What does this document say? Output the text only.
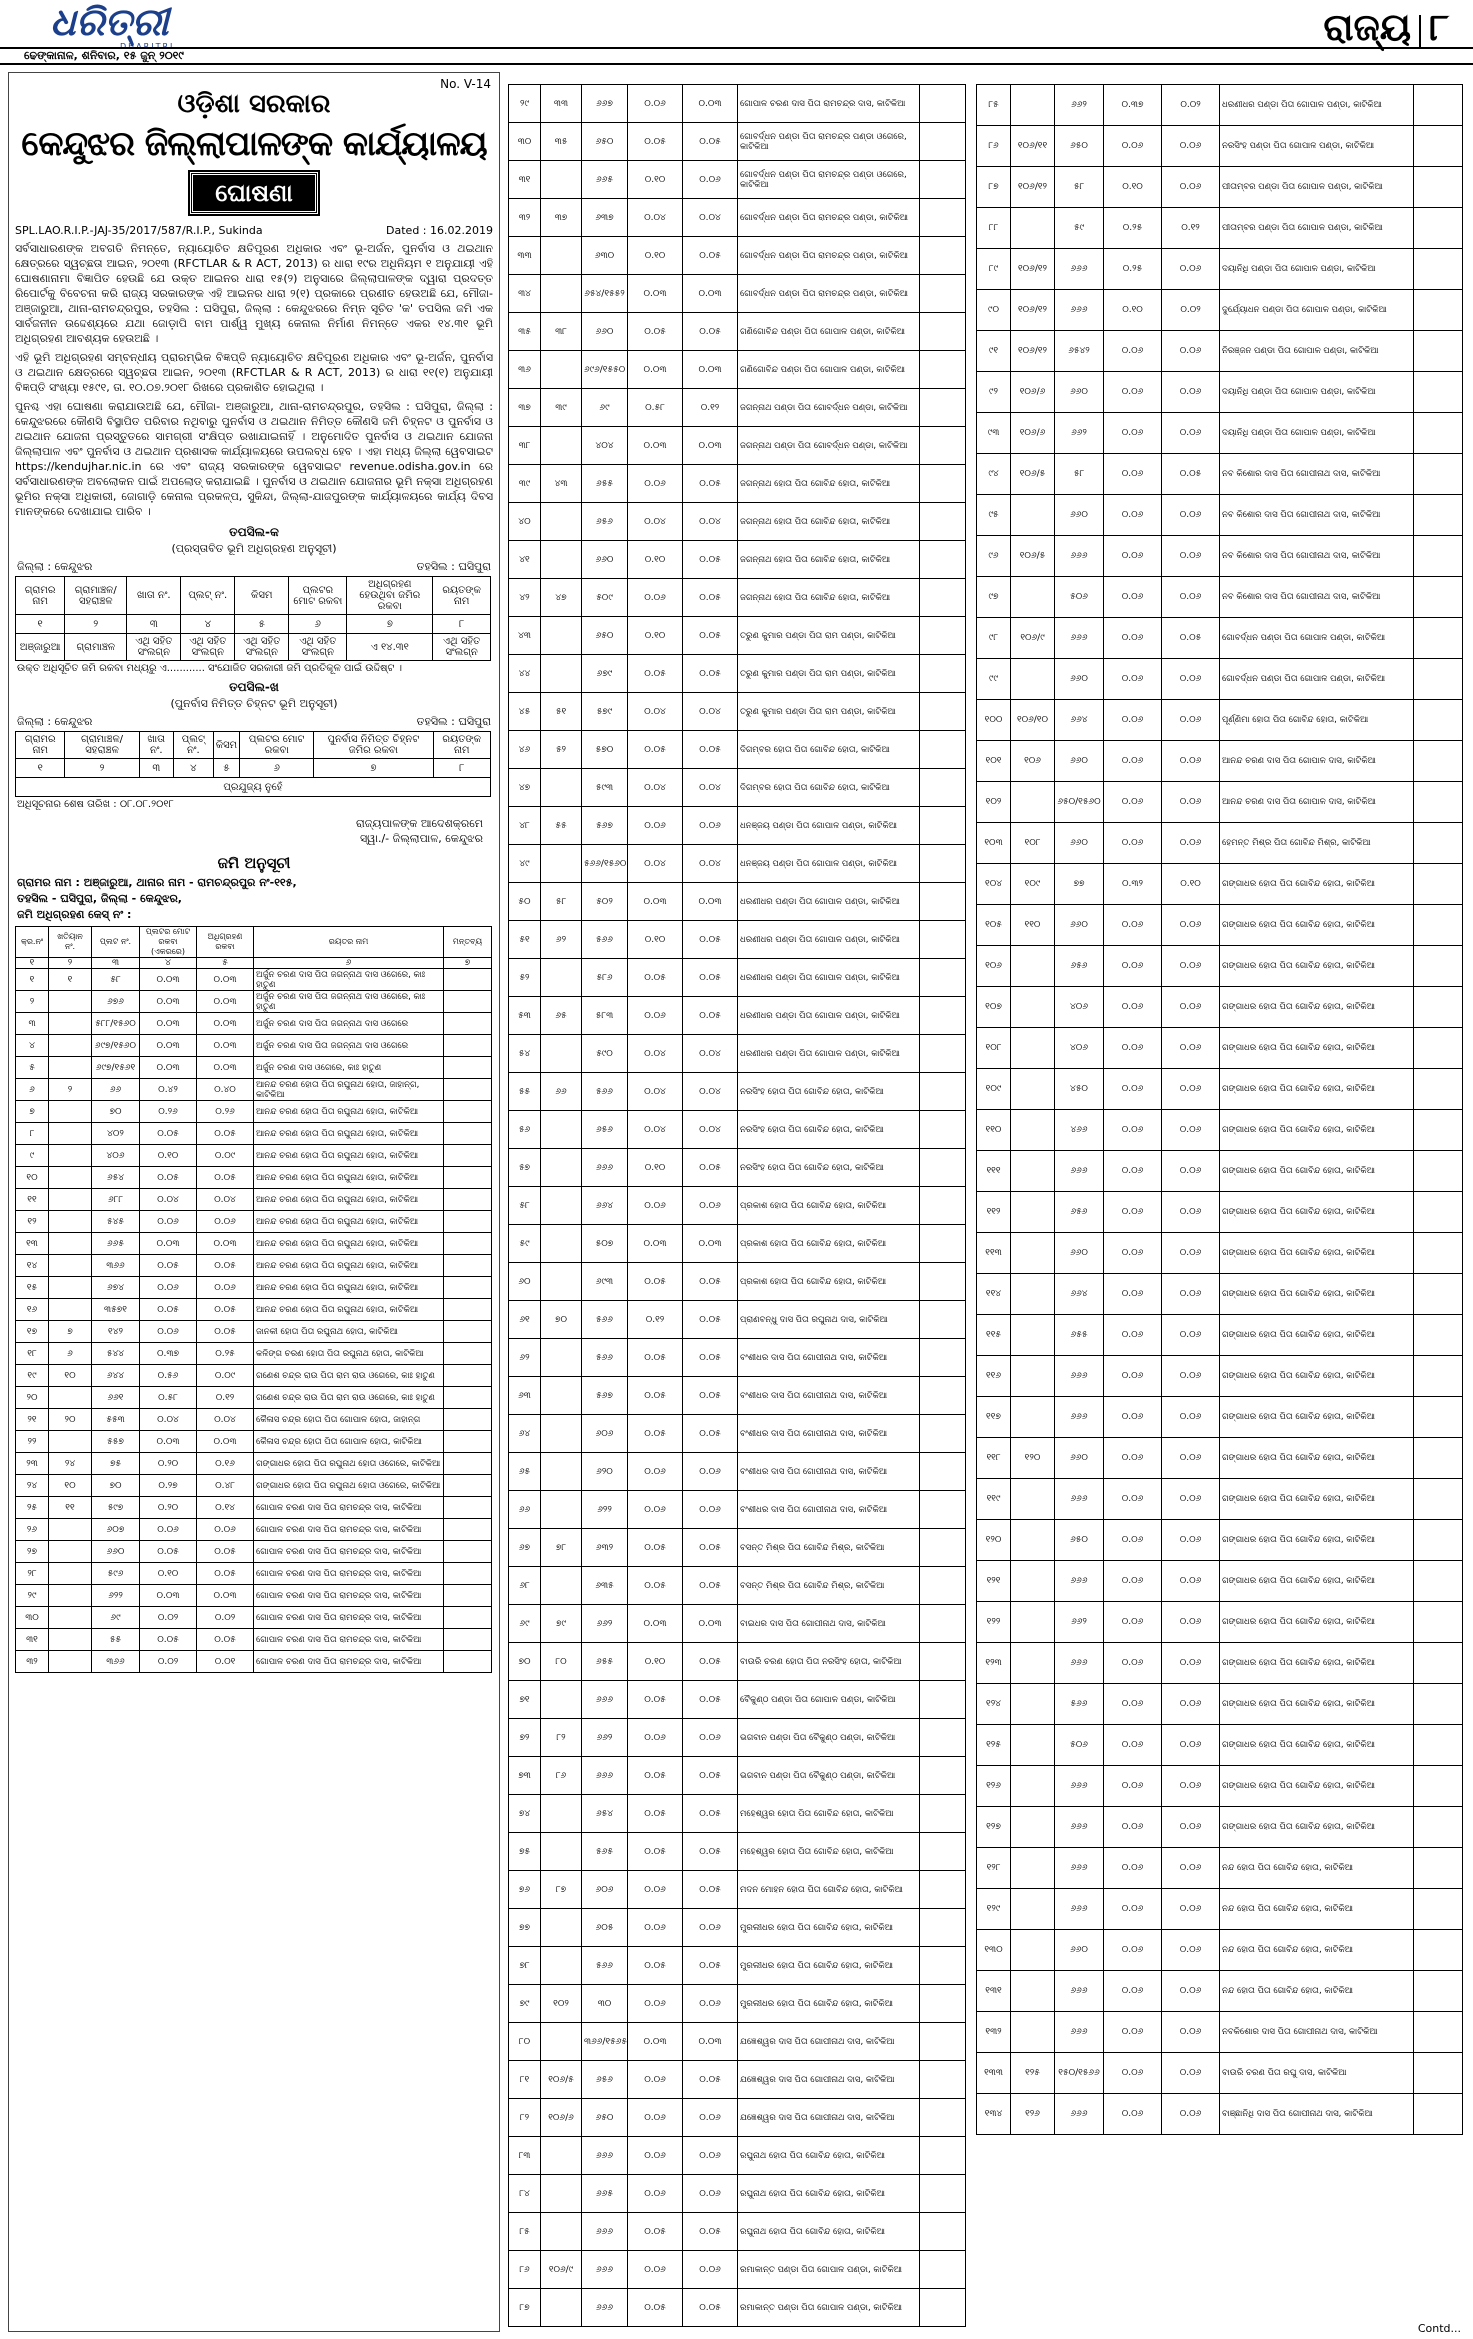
ଧରିତ୍ରୀ
DHARITRI	ରାଜ୍ୟ ୮
ଢେଙ୍କାନାଳ, ଶନିବାର, ୧୫ ଜୁନ୍ ୨୦୧୯
No. V-14
ଓଡ଼ିଶା ସରକାର
କେନ୍ଦୁଝର ଜିଲ୍ଲାପାଳଙ୍କ କାର୍ଯ୍ୟାଳୟ
ଘୋଷଣା
SPL.LAO.R.I.P.-JAJ-35/2017/587/R.I.P., Sukinda	Dated : 16.02.2019
ସର୍ବସାଧାରଣଙ୍କ ଅବଗତି ନିମନ୍ତେ, ନ୍ୟାୟୋଚିତ କ୍ଷତିପୂରଣ ଅଧିକାର ଏବଂ ଭୂ-ଅର୍ଜନ, ପୁନର୍ବାସ ଓ ଥଇଥାନ କ୍ଷେତ୍ରରେ ସ୍ୱଚ୍ଛତା ଆଇନ, ୨୦୧୩ (RFCTLAR & R ACT, 2013) ର ଧାରା ୧୯ର ଅଧିନିୟମ ୧ ଅନୁଯାୟୀ ଏହି ଘୋଷଣାନାମା ବିଜ୍ଞାପିତ ହେଉଛି ଯେ ଉକ୍ତ ଆଇନର ଧାରା ୧୫(୨) ଅନୁସାରେ ଜିଲ୍ଲାପାଳଙ୍କ ଦ୍ୱାରା ପ୍ରଦତ୍ତ ରିପୋର୍ଟକୁ ବିବେଚନା କରି ରାଜ୍ୟ ସରକାରଙ୍କ ଏହି ଆଇନର ଧାରା ୨(୧) ପ୍ରକାରେ ପ୍ରଣୀତ ହେଉଅଛି ଯେ, ମୌଜା- ଅଞ୍ଜାରୁଆ, ଥାନା-ରାମଚନ୍ଦ୍ରପୁର, ତହସିଲ : ଘସିପୁରା, ଜିଲ୍ଲା : କେନ୍ଦୁଝରରେ ନିମ୍ନ ସୂଚିତ 'କ' ତପସିଲ ଜମି ଏକ ସାର୍ବଜନୀନ ଉଦ୍ଦେଶ୍ୟରେ ଯଥା ଜୋଡ଼ାପି ବାମ ପାର୍ଶ୍ୱ ମୁଖ୍ୟ କେନାଲ ନିର୍ମାଣ ନିମନ୍ତେ ଏକର ୧୪.୩୧ ଭୂମି ଅଧିଗ୍ରହଣ ଆବଶ୍ୟକ ହେଉଅଛି ।
ଏହି ଭୂମି ଅଧିଗ୍ରହଣ ସମ୍ବନ୍ଧୀୟ ପ୍ରାରମ୍ଭିକ ବିଜ୍ଞପ୍ତି ନ୍ୟାୟୋଚିତ କ୍ଷତିପୂରଣ ଅଧିକାର ଏବଂ ଭୂ-ଅର୍ଜନ, ପୁନର୍ବାସ ଓ ଥଇଥାନ କ୍ଷେତ୍ରରେ ସ୍ୱଚ୍ଛତା ଆଇନ, ୨୦୧୩ (RFCTLAR & R ACT, 2013) ର ଧାରା ୧୧(୧) ଅନୁଯାୟୀ ବିଜ୍ଞପ୍ତି ସଂଖ୍ୟା ୧୫୯୧, ତା. ୧୦.୦୭.୨୦୧୮ ରିଖରେ ପ୍ରକାଶିତ ହୋଇଥିଲା ।
ପୁନଶ୍ଚ ଏହା ଘୋଷଣା କରାଯାଉଅଛି ଯେ, ମୌଜା- ଅଞ୍ଜାରୁଆ, ଥାନା-ରାମଚନ୍ଦ୍ରପୁର, ତହସିଲ : ଘସିପୁରା, ଜିଲ୍ଲା : କେନ୍ଦୁଝରରେ କୌଣସି ବିସ୍ଥାପିତ ପରିବାର ନଥିବାରୁ ପୁନର୍ବାସ ଓ ଥଇଥାନ ନିମିତ୍ତ କୌଣସି ଜମି ଚିହ୍ନଟ ଓ ପୁନର୍ବାସ ଓ ଥଇଥାନ ଯୋଜନା ପ୍ରସ୍ତୁତରେ ସାମଗ୍ରୀ ସଂକ୍ଷିପ୍ତ ରଖାଯାଇନାହିଁ । ଅନୁମୋଦିତ ପୁନର୍ବାସ ଓ ଥଇଥାନ ଯୋଜନା ଜିଲ୍ଲାପାଳ ଏବଂ ପୁନର୍ବାସ ଓ ଥଇଥାନ ପ୍ରଶାସକ କାର୍ଯ୍ୟାଳୟରେ ଉପଲବ୍ଧ ହେବ । ଏହା ମଧ୍ୟ ଜିଲ୍ଲା ୱେବସାଇଟ https://kendujhar.nic.in ରେ ଏବଂ ରାଜ୍ୟ ସରକାରଙ୍କ ୱେବସାଇଟ revenue.odisha.gov.in ରେ ସର୍ବସାଧାରଣଙ୍କ ଅବଲୋକନ ପାଇଁ ଅପଲୋଡ୍ କରାଯାଇଛି । ପୁନର୍ବାସ ଓ ଥଇଥାନ ଯୋଜନାର ଭୂମି ନକ୍ସା ଅଧିଗ୍ରହଣ ଭୂମିର ନକ୍ସା ଅଧିକାରୀ, ଜୋଗାଡ଼ି କେନାଲ ପ୍ରକଳ୍ପ, ସୁକିନ୍ଦା, ଜିଲ୍ଲା-ଯାଜପୁରଙ୍କ କାର୍ଯ୍ୟାଳୟରେ କାର୍ଯ୍ୟ ଦିବସ ମାନଙ୍କରେ ଦେଖାଯାଇ ପାରିବ ।
ତପସିଲ-କ
(ପ୍ରସ୍ତାବିତ ଭୂମି ଅଧିଗ୍ରହଣ ଅନୁସୂଚୀ)
ଜିଲ୍ଲା : କେନ୍ଦୁଝର	ତହସିଲ : ଘସିପୁରା
ଗ୍ରାମର ନାମ	ଗ୍ରାମାଞ୍ଚଳ/ ସହରାଞ୍ଚଳ	ଖାତା ନଂ.	ପ୍ଲଟ୍ ନଂ.	କିସମ	ପ୍ଲଟର ମୋଟ ରକବା	ଅଧିଗ୍ରହଣ ହେଉଥିବା ଜମିର ରକବା	ରୟତଙ୍କ ନାମ
୧	୨	୩	୪	୫	୬	୭	୮
ଅଞ୍ଜାରୁଆ	ଗ୍ରାମାଞ୍ଚଳ	ଏଥି ସହିତ ସଂଲଗ୍ନ	ଏଥି ସହିତ ସଂଲଗ୍ନ	ଏଥି ସହିତ ସଂଲଗ୍ନ	ଏଥି ସହିତ ସଂଲଗ୍ନ	ଏ ୧୪.୩୧	ଏଥି ସହିତ ସଂଲଗ୍ନ
ଉକ୍ତ ଅଧିସୂଚିତ ଜମି ରକବା ମଧ୍ୟରୁ ଏ............ ସଂଯୋଜିତ ସରକାରୀ ଜମି ପ୍ରତିକୂଳ ପାଇଁ ଉଦ୍ଦିଷ୍ଟ ।
ତପସିଲ-ଖ
(ପୁନର୍ବାସ ନିମିତ୍ତ ଚିହ୍ନଟ ଭୂମି ଅନୁସୂଚୀ)
ଜିଲ୍ଲା : କେନ୍ଦୁଝର	ତହସିଲ : ଘସିପୁରା
ଗ୍ରାମର ନାମ	ଗ୍ରାମାଞ୍ଚଳ/ ସହରାଞ୍ଚଳ	ଖାତା ନଂ.	ପ୍ଲଟ୍ ନଂ.	କିସମ	ପ୍ଲଟର ମୋଟ ରକବା	ପୁନର୍ବାସ ନିମିତ୍ତ ଚିହ୍ନଟ ଜମିର ରକବା	ରୟତଙ୍କ ନାମ
୧	୨	୩	୪	୫	୬	୭	୮
ପ୍ରଯୁଜ୍ୟ ନୁହେଁ							
ଅଧିସୂଚନାର ଶେଷ ତାରିଖ : ୦୮.୦୮.୨୦୧୮
ରାଜ୍ୟପାଳଙ୍କ ଆଦେଶକ୍ରମେ
ସ୍ୱା./- ଜିଲ୍ଲାପାଳ, କେନ୍ଦୁଝର
ଜମି ଅନୁସୂଚୀ
ଗ୍ରାମର ନାମ : ଅଞ୍ଜାରୁଆ, ଥାନାର ନାମ - ରାମଚନ୍ଦ୍ରପୁର ନଂ-୧୧୫,
ତହସିଲ - ଘସିପୁରା, ଜିଲ୍ଲା - କେନ୍ଦୁଝର,
ଜମି ଅଧିଗ୍ରହଣ କେସ୍ ନଂ :
କ୍ର.ନଂ	ଖତିୟାନ ନଂ.	ପ୍ଲଟ ନଂ.	ପ୍ଲଟର ମୋଟ ରକବା (ଏକରରେ)	ଅଧିଗ୍ରହଣ ରକବା	ରୟତର ନାମ	ମନ୍ତବ୍ୟ
୧	୨	୩	୪	୫	୬	୭
୧	୧	୫୮	୦.୦୩	୦.୦୩	ଅର୍ଜୁନ ଚରଣ ଦାସ ପିତା ଜଗନ୍ନାଥ ଦାସ ଓଗେରେ, କାଃ ହାତୁଣ	
୨		୬୭୬	୦.୦୩	୦.୦୩	ଅର୍ଜୁନ ଚରଣ ଦାସ ପିତା ଜଗନ୍ନାଥ ଦାସ ଓଗେରେ, କାଃ ହାତୁଣ	
୩		୫୮୮/୧୫୬୦	୦.୦୩	୦.୦୩	ଅର୍ଜୁନ ଚରଣ ଦାସ ପିତା ଜଗନ୍ନାଥ ଦାସ ଓଗେରେ	
୪		୬୯୭/୧୫୬୦	୦.୦୩	୦.୦୩	ଅର୍ଜୁନ ଚରଣ ଦାସ ପିତା ଜଗନ୍ନାଥ ଦାସ ଓଗେରେ	
୫		୬୯୭/୧୫୬୧	୦.୦୩	୦.୦୩	ଅର୍ଜୁନ ଚରଣ ଦାସ ଓଗେରେ, କାଃ ହାତୁଣ	
୬	୨	୬୬	୦.୪୨	୦.୪୦	ଆନନ୍ଦ ଚରଣ ହୋତା ପିତା ରଘୁନାଥ ହୋତା, ଜାହାନ୍ଗ, କାଟିକିଆ	
୭		୭୦	୦.୨୬	୦.୨୬	ଆନନ୍ଦ ଚରଣ ହୋତା ପିତା ରଘୁନାଥ ହୋତା, କାଟିକିଆ	
୮		୪୦୨	୦.୦୫	୦.୦୫	ଆନନ୍ଦ ଚରଣ ହୋତା ପିତା ରଘୁନାଥ ହୋତା, କାଟିକିଆ	
୯		୪୦୬	୦.୧୦	୦.୦୯	ଆନନ୍ଦ ଚରଣ ହୋତା ପିତା ରଘୁନାଥ ହୋତା, କାଟିକିଆ	
୧୦		୬୫୪	୦.୦୫	୦.୦୫	ଆନନ୍ଦ ଚରଣ ହୋତା ପିତା ରଘୁନାଥ ହୋତା, କାଟିକିଆ	
୧୧		୬୮୮	୦.୦୪	୦.୦୪	ଆନନ୍ଦ ଚରଣ ହୋତା ପିତା ରଘୁନାଥ ହୋତା, କାଟିକିଆ	
୧୨		୫୪୫	୦.୦୬	୦.୦୬	ଆନନ୍ଦ ଚରଣ ହୋତା ପିତା ରଘୁନାଥ ହୋତା, କାଟିକିଆ	
୧୩		୬୬୫	୦.୦୩	୦.୦୩	ଆନନ୍ଦ ଚରଣ ହୋତା ପିତା ରଘୁନାଥ ହୋତା, କାଟିକିଆ	
୧୪		୩୬୬	୦.୦୫	୦.୦୫	ଆନନ୍ଦ ଚରଣ ହୋତା ପିତା ରଘୁନାଥ ହୋତା, କାଟିକିଆ	
୧୫		୬୭୪	୦.୦୬	୦.୦୬	ଆନନ୍ଦ ଚରଣ ହୋତା ପିତା ରଘୁନାଥ ହୋତା, କାଟିକିଆ	
୧୬		୩୫୭୧	୦.୦୫	୦.୦୫	ଆନନ୍ଦ ଚରଣ ହୋତା ପିତା ରଘୁନାଥ ହୋତା, କାଟିକିଆ	
୧୭	୭	୧୪୨	୦.୦୬	୦.୦୫	ଜାନକୀ ହୋତା ପିତା ରଘୁନାଥ ହୋତା, କାଟିକିଆ	
୧୮	୬	୫୪୪	୦.୩୭	୦.୨୫	କଳିଙ୍ଗ ଚରଣ ହୋତା ପିତା ରଘୁନାଥ ହୋତା, କାଟିକିଆ	
୧୯	୧୦	୬୪୪	୦.୫୬	୦.୦୯	ଗଣେଶ ଚନ୍ଦ୍ର ରାଉ ପିତା ରାମ ରାଉ ଓଗେରେ, କାଃ ହାତୁଣ	
୨୦		୬୬୧	୦.୫୮	୦.୧୨	ଗଣେଶ ଚନ୍ଦ୍ର ରାଉ ପିତା ରାମ ରାଉ ଓଗେରେ, କାଃ ହାତୁଣ	
୨୧	୨୦	୫୫୩	୦.୦୪	୦.୦୪	କୈଳାସ ଚନ୍ଦ୍ର ହୋତା ପିତା ଗୋପାଳ ହୋତା, ଜାହାନ୍ଗ	
୨୨		୫୫୭	୦.୦୩	୦.୦୩	କୈଳାସ ଚନ୍ଦ୍ର ହୋତା ପିତା ଗୋପାଳ ହୋତା, କାଟିକିଆ	
୨୩	୨୪	୭୫	୦.୨୦	୦.୧୬	ଗଙ୍ଗାଧର ହୋତା ପିତା ରଘୁନାଥ ହୋତା ଓଗେରେ, କାଟିକିଆ	
୨୪	୧୦	୭୦	୦.୨୭	୦.୪୮	ଗଙ୍ଗାଧର ହୋତା ପିତା ରଘୁନାଥ ହୋତା ଓଗେରେ, କାଟିକିଆ	
୨୫	୧୧	୫୯୭	୦.୨୦	୦.୧୪	ଗୋପାଳ ଚରଣ ଦାସ ପିତା ରାମଚନ୍ଦ୍ର ଦାସ, କାଟିକିଆ	
୨୬		୬୦୭	୦.୦୬	୦.୦୬	ଗୋପାଳ ଚରଣ ଦାସ ପିତା ରାମଚନ୍ଦ୍ର ଦାସ, କାଟିକିଆ	
୨୭		୬୬୦	୦.୦୫	୦.୦୫	ଗୋପାଳ ଚରଣ ଦାସ ପିତା ରାମଚନ୍ଦ୍ର ଦାସ, କାଟିକିଆ	
୨୮		୫୯୬	୦.୧୦	୦.୦୫	ଗୋପାଳ ଚରଣ ଦାସ ପିତା ରାମଚନ୍ଦ୍ର ଦାସ, କାଟିକିଆ	
୨୯		୬୨୨	୦.୦୩	୦.୦୩	ଗୋପାଳ ଚରଣ ଦାସ ପିତା ରାମଚନ୍ଦ୍ର ଦାସ, କାଟିକିଆ	
୩୦		୬୯	୦.୦୨	୦.୦୨	ଗୋପାଳ ଚରଣ ଦାସ ପିତା ରାମଚନ୍ଦ୍ର ଦାସ, କାଟିକିଆ	
୩୧		୫୫	୦.୦୫	୦.୦୫	ଗୋପାଳ ଚରଣ ଦାସ ପିତା ରାମଚନ୍ଦ୍ର ଦାସ, କାଟିକିଆ	
୩୨		୩୬୬	୦.୦୨	୦.୦୧	ଗୋପାଳ ଚରଣ ଦାସ ପିତା ରାମଚନ୍ଦ୍ର ଦାସ, କାଟିକିଆ	
୨୯	୩୩	୬୬୭	୦.୦୬	୦.୦୩	ଗୋପାଳ ଚରଣ ଦାସ ପିତା ରାମଚନ୍ଦ୍ର ଦାସ, କାଟିକିଆ	
୩୦	୩୫	୬୫୦	୦.୦୫	୦.୦୫	ଗୋବର୍ଦ୍ଧନ ପଣ୍ଡା ପିତା ରାମଚନ୍ଦ୍ର ପଣ୍ଡା ଓଗେରେ, କାଟିକିଆ	
୩୧		୬୬୫	୦.୧୦	୦.୦୬	ଗୋବର୍ଦ୍ଧନ ପଣ୍ଡା ପିତା ରାମଚନ୍ଦ୍ର ପଣ୍ଡା ଓଗେରେ, କାଟିକିଆ	
୩୨	୩୭	୬୩୭	୦.୦୪	୦.୦୪	ଗୋବର୍ଦ୍ଧନ ପଣ୍ଡା ପିତା ରାମଚନ୍ଦ୍ର ପଣ୍ଡା, କାଟିକିଆ	
୩୩		୬୩୦	୦.୧୦	୦.୦୫	ଗୋବର୍ଦ୍ଧନ ପଣ୍ଡା ପିତା ରାମଚନ୍ଦ୍ର ପଣ୍ଡା, କାଟିକିଆ	
୩୪		୬୫୪/୧୫୫୨	୦.୦୩	୦.୦୩	ଗୋବର୍ଦ୍ଧନ ପଣ୍ଡା ପିତା ରାମଚନ୍ଦ୍ର ପଣ୍ଡା, କାଟିକିଆ	
୩୫	୩୮	୬୬୦	୦.୦୫	୦.୦୫	ଗଣିଗୋବିନ୍ଦ ପଣ୍ଡା ପିତା ଗୋପାଳ ପଣ୍ଡା, କାଟିକିଆ	
୩୬		୬୯୬/୧୫୫୦	୦.୦୩	୦.୦୩	ଗଣିଗୋବିନ୍ଦ ପଣ୍ଡା ପିତା ଗୋପାଳ ପଣ୍ଡା, କାଟିକିଆ	
୩୭	୩୯	୬୯	୦.୫୮	୦.୧୨	ଜଗନ୍ନାଥ ପଣ୍ଡା ପିତା ଗୋବର୍ଦ୍ଧନ ପଣ୍ଡା, କାଟିକିଆ	
୩୮		୪୦୪	୦.୦୩	୦.୦୩	ଜଗନ୍ନାଥ ପଣ୍ଡା ପିତା ଗୋବର୍ଦ୍ଧନ ପଣ୍ଡା, କାଟିକିଆ	
୩୯	୪୩	୬୫୫	୦.୦୬	୦.୦୫	ଜଗନ୍ନାଥ ହୋତା ପିତା ଗୋବିନ୍ଦ ହୋତା, କାଟିକିଆ	
୪୦		୬୫୬	୦.୦୪	୦.୦୪	ଜଗନ୍ନାଥ ହୋତା ପିତା ଗୋବିନ୍ଦ ହୋତା, କାଟିକିଆ	
୪୧		୬୬୦	୦.୧୦	୦.୦୫	ଜଗନ୍ନାଥ ହୋତା ପିତା ଗୋବିନ୍ଦ ହୋତା, କାଟିକିଆ	
୪୨	୪୭	୫୦୯	୦.୦୬	୦.୦୫	ଜଗନ୍ନାଥ ହୋତା ପିତା ଗୋବିନ୍ଦ ହୋତା, କାଟିକିଆ	
୪୩		୬୫୦	୦.୧୦	୦.୦୫	ତରୁଣ କୁମାର ପଣ୍ଡା ପିତା ରାମ ପଣ୍ଡା, କାଟିକିଆ	
୪୪		୬୭୯	୦.୦୫	୦.୦୫	ତରୁଣ କୁମାର ପଣ୍ଡା ପିତା ରାମ ପଣ୍ଡା, କାଟିକିଆ	
୪୫	୫୧	୫୭୯	୦.୦୪	୦.୦୪	ତରୁଣ କୁମାର ପଣ୍ଡା ପିତା ରାମ ପଣ୍ଡା, କାଟିକିଆ	
୪୬	୫୨	୫୭୦	୦.୦୫	୦.୦୫	ଦିଗମ୍ବର ହୋତା ପିତା ଗୋବିନ୍ଦ ହୋତା, କାଟିକିଆ	
୪୭		୫୯୩	୦.୦୪	୦.୦୪	ଦିଗମ୍ବର ହୋତା ପିତା ଗୋବିନ୍ଦ ହୋତା, କାଟିକିଆ	
୪୮	୫୫	୫୬୭	୦.୦୬	୦.୦୬	ଧନଞ୍ଜୟ ପଣ୍ଡା ପିତା ଗୋପାଳ ପଣ୍ଡା, କାଟିକିଆ	
୪୯		୫୬୬/୧୫୬୦	୦.୦୪	୦.୦୪	ଧନଞ୍ଜୟ ପଣ୍ଡା ପିତା ଗୋପାଳ ପଣ୍ଡା, କାଟିକିଆ	
୫୦	୫୮	୫୦୨	୦.୦୩	୦.୦୩	ଧରଣୀଧର ପଣ୍ଡା ପିତା ଗୋପାଳ ପଣ୍ଡା, କାଟିକିଆ	
୫୧	୬୨	୫୬୬	୦.୧୦	୦.୦୫	ଧରଣୀଧର ପଣ୍ଡା ପିତା ଗୋପାଳ ପଣ୍ଡା, କାଟିକିଆ	
୫୨		୫୮୬	୦.୦୫	୦.୦୫	ଧରଣୀଧର ପଣ୍ଡା ପିତା ଗୋପାଳ ପଣ୍ଡା, କାଟିକିଆ	
୫୩	୬୫	୫୮୩	୦.୦୬	୦.୦୫	ଧରଣୀଧର ପଣ୍ଡା ପିତା ଗୋପାଳ ପଣ୍ଡା, କାଟିକିଆ	
୫୪		୫୯୦	୦.୦୪	୦.୦୪	ଧରଣୀଧର ପଣ୍ଡା ପିତା ଗୋପାଳ ପଣ୍ଡା, କାଟିକିଆ	
୫୫	୬୬	୫୬୬	୦.୦୪	୦.୦୪	ନରସିଂହ ହୋତା ପିତା ଗୋବିନ୍ଦ ହୋତା, କାଟିକିଆ	
୫୬		୬୫୬	୦.୦୪	୦.୦୪	ନରସିଂହ ହୋତା ପିତା ଗୋବିନ୍ଦ ହୋତା, କାଟିକିଆ	
୫୭		୬୬୬	୦.୧୦	୦.୦୫	ନରସିଂହ ହୋତା ପିତା ଗୋବିନ୍ଦ ହୋତା, କାଟିକିଆ	
୫୮		୬୬୪	୦.୦୬	୦.୦୬	ପ୍ରକାଶ ହୋତା ପିତା ଗୋବିନ୍ଦ ହୋତା, କାଟିକିଆ	
୫୯		୫୦୭	୦.୦୩	୦.୦୩	ପ୍ରକାଶ ହୋତା ପିତା ଗୋବିନ୍ଦ ହୋତା, କାଟିକିଆ	
୬୦		୬୯୩	୦.୦୫	୦.୦୫	ପ୍ରକାଶ ହୋତା ପିତା ଗୋବିନ୍ଦ ହୋତା, କାଟିକିଆ	
୬୧	୭୦	୫୬୬	୦.୧୨	୦.୦୫	ପ୍ରାଣବନ୍ଧୁ ଦାସ ପିତା ରଘୁନାଥ ଦାସ, କାଟିକିଆ	
୬୨		୫୬୬	୦.୦୫	୦.୦୫	ବଂଶୀଧର ଦାସ ପିତା ଗୋପୀନାଥ ଦାସ, କାଟିକିଆ	
୬୩		୫୬୭	୦.୦୫	୦.୦୫	ବଂଶୀଧର ଦାସ ପିତା ଗୋପୀନାଥ ଦାସ, କାଟିକିଆ	
୬୪		୬୦୬	୦.୦୫	୦.୦୫	ବଂଶୀଧର ଦାସ ପିତା ଗୋପୀନାଥ ଦାସ, କାଟିକିଆ	
୬୫		୬୨୦	୦.୦୬	୦.୦୬	ବଂଶୀଧର ଦାସ ପିତା ଗୋପୀନାଥ ଦାସ, କାଟିକିଆ	
୬୬		୬୨୨	୦.୦୬	୦.୦୬	ବଂଶୀଧର ଦାସ ପିତା ଗୋପୀନାଥ ଦାସ, କାଟିକିଆ	
୬୭	୭୮	୬୩୨	୦.୦୫	୦.୦୫	ବସନ୍ତ ମିଶ୍ର ପିତା ଗୋବିନ୍ଦ ମିଶ୍ର, କାଟିକିଆ	
୬୮		୬୩୫	୦.୦୫	୦.୦୫	ବସନ୍ତ ମିଶ୍ର ପିତା ଗୋବିନ୍ଦ ମିଶ୍ର, କାଟିକିଆ	
୬୯	୭୯	୬୬୨	୦.୦୩	୦.୦୩	ବାଇଧର ଦାସ ପିତା ଗୋପୀନାଥ ଦାସ, କାଟିକିଆ	
୭୦	୮୦	୬୫୫	୦.୧୦	୦.୦୫	ବାଉରି ଚରଣ ହୋତା ପିତା ନରସିଂହ ହୋତା, କାଟିକିଆ	
୭୧		୬୬୬	୦.୦୫	୦.୦୫	ବୈକୁଣ୍ଠ ପଣ୍ଡା ପିତା ଗୋପାଳ ପଣ୍ଡା, କାଟିକିଆ	
୭୨	୮୨	୬୬୨	୦.୦୬	୦.୦୬	ଭଗବାନ ପଣ୍ଡା ପିତା ବୈକୁଣ୍ଠ ପଣ୍ଡା, କାଟିକିଆ	
୭୩	୮୬	୬୬୬	୦.୦୫	୦.୦୫	ଭଗବାନ ପଣ୍ଡା ପିତା ବୈକୁଣ୍ଠ ପଣ୍ଡା, କାଟିକିଆ	
୭୪		୬୫୪	୦.୦୫	୦.୦୫	ମହେଶ୍ୱର ହୋତା ପିତା ଗୋବିନ୍ଦ ହୋତା, କାଟିକିଆ	
୭୫		୫୬୫	୦.୦୫	୦.୦୫	ମହେଶ୍ୱର ହୋତା ପିତା ଗୋବିନ୍ଦ ହୋତା, କାଟିକିଆ	
୭୬	୮୭	୬୦୬	୦.୦୬	୦.୦୫	ମଦନ ମୋହନ ହୋତା ପିତା ଗୋବିନ୍ଦ ହୋତା, କାଟିକିଆ	
୭୭		୬୦୫	୦.୦୬	୦.୦୬	ମୁରଲୀଧର ହୋତା ପିତା ଗୋବିନ୍ଦ ହୋତା, କାଟିକିଆ	
୭୮		୫୬୬	୦.୦୫	୦.୦୫	ମୁରଲୀଧର ହୋତା ପିତା ଗୋବିନ୍ଦ ହୋତା, କାଟିକିଆ	
୭୯	୧୦୨	୩୦	୦.୦୬	୦.୦୬	ମୁରଲୀଧର ହୋତା ପିତା ଗୋବିନ୍ଦ ହୋତା, କାଟିକିଆ	
୮୦		୩୬୬/୧୫୬୫	୦.୦୩	୦.୦୩	ଯଜ୍ଞେଶ୍ୱର ଦାସ ପିତା ଗୋପୀନାଥ ଦାସ, କାଟିକିଆ	
୮୧	୧୦୬/୫	୬୫୬	୦.୦୬	୦.୦୫	ଯଜ୍ଞେଶ୍ୱର ଦାସ ପିତା ଗୋପୀନାଥ ଦାସ, କାଟିକିଆ	
୮୨	୧୦୬/୬	୬୫୦	୦.୦୬	୦.୦୬	ଯଜ୍ଞେଶ୍ୱର ଦାସ ପିତା ଗୋପୀନାଥ ଦାସ, କାଟିକିଆ	
୮୩		୬୬୬	୦.୦୬	୦.୦୬	ରଘୁନାଥ ହୋତା ପିତା ଗୋବିନ୍ଦ ହୋତା, କାଟିକିଆ	
୮୪		୬୬୫	୦.୦୬	୦.୦୬	ରଘୁନାଥ ହୋତା ପିତା ଗୋବିନ୍ଦ ହୋତା, କାଟିକିଆ	
୮୫		୬୬୬	୦.୦୫	୦.୦୫	ରଘୁନାଥ ହୋତା ପିତା ଗୋବିନ୍ଦ ହୋତା, କାଟିକିଆ	
୮୬	୧୦୬/୯	୬୬୬	୦.୦୬	୦.୦୬	ରମାକାନ୍ତ ପଣ୍ଡା ପିତା ଗୋପାଳ ପଣ୍ଡା, କାଟିକିଆ	
୮୭		୬୬୬	୦.୦୫	୦.୦୫	ରମାକାନ୍ତ ପଣ୍ଡା ପିତା ଗୋପାଳ ପଣ୍ଡା, କାଟିକିଆ	
୮୫		୬୬୨	୦.୩୭	୦.୦୨	ଧରଣୀଧର ପଣ୍ଡା ପିତା ଗୋପାଳ ପଣ୍ଡା, କାଟିକିଆ	
୮୬	୧୦୬/୧୧	୬୫୦	୦.୦୬	୦.୦୬	ନରସିଂହ ପଣ୍ଡା ପିତା ଗୋପାଳ ପଣ୍ଡା, କାଟିକିଆ	
୮୭	୧୦୬/୧୨	୫୮	୦.୧୦	୦.୦୬	ପୀତାମ୍ବର ପଣ୍ଡା ପିତା ଗୋପାଳ ପଣ୍ଡା, କାଟିକିଆ	
୮୮		୫୯	୦.୨୫	୦.୧୨	ପୀତାମ୍ବର ପଣ୍ଡା ପିତା ଗୋପାଳ ପଣ୍ଡା, କାଟିକିଆ	
୮୯	୧୦୬/୧୨	୬୬୬	୦.୨୫	୦.୦୬	ଦୟାନିଧି ପଣ୍ଡା ପିତା ଗୋପାଳ ପଣ୍ଡା, କାଟିକିଆ	
୯୦	୧୦୬/୧୨	୬୬୬	୦.୧୦	୦.୦୨	ଦୁର୍ଯ୍ୟୋଧନ ପଣ୍ଡା ପିତା ଗୋପାଳ ପଣ୍ଡା, କାଟିକିଆ	
୯୧	୧୦୬/୧୨	୬୫୪୨	୦.୦୬	୦.୦୬	ନିରଞ୍ଜନ ପଣ୍ଡା ପିତା ଗୋପାଳ ପଣ୍ଡା, କାଟିକିଆ	
୯୨	୧୦୬/୬	୬୬୦	୦.୦୬	୦.୦୬	ଦୟାନିଧି ପଣ୍ଡା ପିତା ଗୋପାଳ ପଣ୍ଡା, କାଟିକିଆ	
୯୩	୧୦୬/୬	୬୬୨	୦.୦୬	୦.୦୬	ଦୟାନିଧି ପଣ୍ଡା ପିତା ଗୋପାଳ ପଣ୍ଡା, କାଟିକିଆ	
୯୪	୧୦୬/୫	୫୮	୦.୦୬	୦.୦୫	ନବ କିଶୋର ଦାସ ପିତା ଗୋପୀନାଥ ଦାସ, କାଟିକିଆ	
୯୫		୬୬୦	୦.୦୬	୦.୦୬	ନବ କିଶୋର ଦାସ ପିତା ଗୋପୀନାଥ ଦାସ, କାଟିକିଆ	
୯୬	୧୦୬/୫	୬୬୬	୦.୦୬	୦.୦୬	ନବ କିଶୋର ଦାସ ପିତା ଗୋପୀନାଥ ଦାସ, କାଟିକିଆ	
୯୭		୫୦୬	୦.୦୬	୦.୦୬	ନବ କିଶୋର ଦାସ ପିତା ଗୋପୀନାଥ ଦାସ, କାଟିକିଆ	
୯୮	୧୦୬/୯	୬୬୬	୦.୦୬	୦.୦୫	ଗୋବର୍ଦ୍ଧନ ପଣ୍ଡା ପିତା ଗୋପାଳ ପଣ୍ଡା, କାଟିକିଆ	
୯୯		୬୬୦	୦.୦୬	୦.୦୬	ଗୋବର୍ଦ୍ଧନ ପଣ୍ଡା ପିତା ଗୋପାଳ ପଣ୍ଡା, କାଟିକିଆ	
୧୦୦	୧୦୬/୧୦	୬୬୪	୦.୦୬	୦.୦୬	ପୂର୍ଣ୍ଣିମା ହୋତା ପିତା ଗୋବିନ୍ଦ ହୋତା, କାଟିକିଆ	
୧୦୧	୧୦୬	୬୬୦	୦.୦୬	୦.୦୬	ଆନନ୍ଦ ଚରଣ ଦାସ ପିତା ଗୋପାଳ ଦାସ, କାଟିକିଆ	
୧୦୨		୬୫୦/୧୫୬୦	୦.୦୬	୦.୦୬	ଆନନ୍ଦ ଚରଣ ଦାସ ପିତା ଗୋପାଳ ଦାସ, କାଟିକିଆ	
୧୦୩	୧୦୮	୬୬୦	୦.୦୬	୦.୦୬	ହେମନ୍ତ ମିଶ୍ର ପିତା ଗୋବିନ୍ଦ ମିଶ୍ର, କାଟିକିଆ	
୧୦୪	୧୦୯	୭୭	୦.୩୨	୦.୧୦	ଗଙ୍ଗାଧର ହୋତା ପିତା ଗୋବିନ୍ଦ ହୋତା, କାଟିକିଆ	
୧୦୫	୧୧୦	୬୬୦	୦.୦୬	୦.୦୬	ଗଙ୍ଗାଧର ହୋତା ପିତା ଗୋବିନ୍ଦ ହୋତା, କାଟିକିଆ	
୧୦୬		୬୫୬	୦.୦୬	୦.୦୬	ଗଙ୍ଗାଧର ହୋତା ପିତା ଗୋବିନ୍ଦ ହୋତା, କାଟିକିଆ	
୧୦୭		୪୦୬	୦.୦୬	୦.୦୬	ଗଙ୍ଗାଧର ହୋତା ପିତା ଗୋବିନ୍ଦ ହୋତା, କାଟିକିଆ	
୧୦୮		୪୦୬	୦.୦୬	୦.୦୬	ଗଙ୍ଗାଧର ହୋତା ପିତା ଗୋବିନ୍ଦ ହୋତା, କାଟିକିଆ	
୧୦୯		୪୫୦	୦.୦୬	୦.୦୬	ଗଙ୍ଗାଧର ହୋତା ପିତା ଗୋବିନ୍ଦ ହୋତା, କାଟିକିଆ	
୧୧୦		୪୬୬	୦.୦୬	୦.୦୬	ଗଙ୍ଗାଧର ହୋତା ପିତା ଗୋବିନ୍ଦ ହୋତା, କାଟିକିଆ	
୧୧୧		୬୬୬	୦.୦୬	୦.୦୬	ଗଙ୍ଗାଧର ହୋତା ପିତା ଗୋବିନ୍ଦ ହୋତା, କାଟିକିଆ	
୧୧୨		୬୫୬	୦.୦୬	୦.୦୬	ଗଙ୍ଗାଧର ହୋତା ପିତା ଗୋବିନ୍ଦ ହୋତା, କାଟିକିଆ	
୧୧୩		୬୬୦	୦.୦୬	୦.୦୬	ଗଙ୍ଗାଧର ହୋତା ପିତା ଗୋବିନ୍ଦ ହୋତା, କାଟିକିଆ	
୧୧୪		୬୬୪	୦.୦୬	୦.୦୬	ଗଙ୍ଗାଧର ହୋତା ପିତା ଗୋବିନ୍ଦ ହୋତା, କାଟିକିଆ	
୧୧୫		୬୫୫	୦.୦୬	୦.୦୬	ଗଙ୍ଗାଧର ହୋତା ପିତା ଗୋବିନ୍ଦ ହୋତା, କାଟିକିଆ	
୧୧୬		୬୬୬	୦.୦୬	୦.୦୬	ଗଙ୍ଗାଧର ହୋତା ପିତା ଗୋବିନ୍ଦ ହୋତା, କାଟିକିଆ	
୧୧୭		୬୬୬	୦.୦୬	୦.୦୬	ଗଙ୍ଗାଧର ହୋତା ପିତା ଗୋବିନ୍ଦ ହୋତା, କାଟିକିଆ	
୧୧୮	୧୨୦	୬୬୦	୦.୦୬	୦.୦୬	ଗଙ୍ଗାଧର ହୋତା ପିତା ଗୋବିନ୍ଦ ହୋତା, କାଟିକିଆ	
୧୧୯		୬୬୬	୦.୦୬	୦.୦୬	ଗଙ୍ଗାଧର ହୋତା ପିତା ଗୋବିନ୍ଦ ହୋତା, କାଟିକିଆ	
୧୨୦		୬୫୦	୦.୦୬	୦.୦୬	ଗଙ୍ଗାଧର ହୋତା ପିତା ଗୋବିନ୍ଦ ହୋତା, କାଟିକିଆ	
୧୨୧		୬୬୬	୦.୦୬	୦.୦୬	ଗଙ୍ଗାଧର ହୋତା ପିତା ଗୋବିନ୍ଦ ହୋତା, କାଟିକିଆ	
୧୨୨		୬୬୨	୦.୦୬	୦.୦୬	ଗଙ୍ଗାଧର ହୋତା ପିତା ଗୋବିନ୍ଦ ହୋତା, କାଟିକିଆ	
୧୨୩		୬୬୬	୦.୦୬	୦.୦୬	ଗଙ୍ଗାଧର ହୋତା ପିତା ଗୋବିନ୍ଦ ହୋତା, କାଟିକିଆ	
୧୨୪		୫୬୬	୦.୦୬	୦.୦୬	ଗଙ୍ଗାଧର ହୋତା ପିତା ଗୋବିନ୍ଦ ହୋତା, କାଟିକିଆ	
୧୨୫		୫୦୬	୦.୦୬	୦.୦୬	ଗଙ୍ଗାଧର ହୋତା ପିତା ଗୋବିନ୍ଦ ହୋତା, କାଟିକିଆ	
୧୨୬		୬୬୬	୦.୦୬	୦.୦୬	ଗଙ୍ଗାଧର ହୋତା ପିତା ଗୋବିନ୍ଦ ହୋତା, କାଟିକିଆ	
୧୨୭		୬୬୬	୦.୦୬	୦.୦୬	ଗଙ୍ଗାଧର ହୋତା ପିତା ଗୋବିନ୍ଦ ହୋତା, କାଟିକିଆ	
୧୨୮		୬୬୬	୦.୦୬	୦.୦୬	ନନ୍ଦ ହୋତା ପିତା ଗୋବିନ୍ଦ ହୋତା, କାଟିକିଆ	
୧୨୯		୬୬୬	୦.୦୬	୦.୦୬	ନନ୍ଦ ହୋତା ପିତା ଗୋବିନ୍ଦ ହୋତା, କାଟିକିଆ	
୧୩୦		୬୬୦	୦.୦୬	୦.୦୬	ନନ୍ଦ ହୋତା ପିତା ଗୋବିନ୍ଦ ହୋତା, କାଟିକିଆ	
୧୩୧		୬୬୬	୦.୦୬	୦.୦୬	ନନ୍ଦ ହୋତା ପିତା ଗୋବିନ୍ଦ ହୋତା, କାଟିକିଆ	
୧୩୨		୬୬୬	୦.୦୬	୦.୦୬	ନବକିଶୋର ଦାସ ପିତା ଗୋପୀନାଥ ଦାସ, କାଟିକିଆ	
୧୩୩	୧୨୫	୧୫୦/୧୫୬୬	୦.୦୬	୦.୦୬	ବାଉରି ଚରଣ ପିତା ରଘୁ ଦାସ, କାଟିକିଆ	
୧୩୪	୧୨୬	୬୬୬	୦.୦୬	୦.୦୬	ବାଞ୍ଛାନିଧି ଦାସ ପିତା ଗୋପୀନାଥ ଦାସ, କାଟିକିଆ	
Contd...
